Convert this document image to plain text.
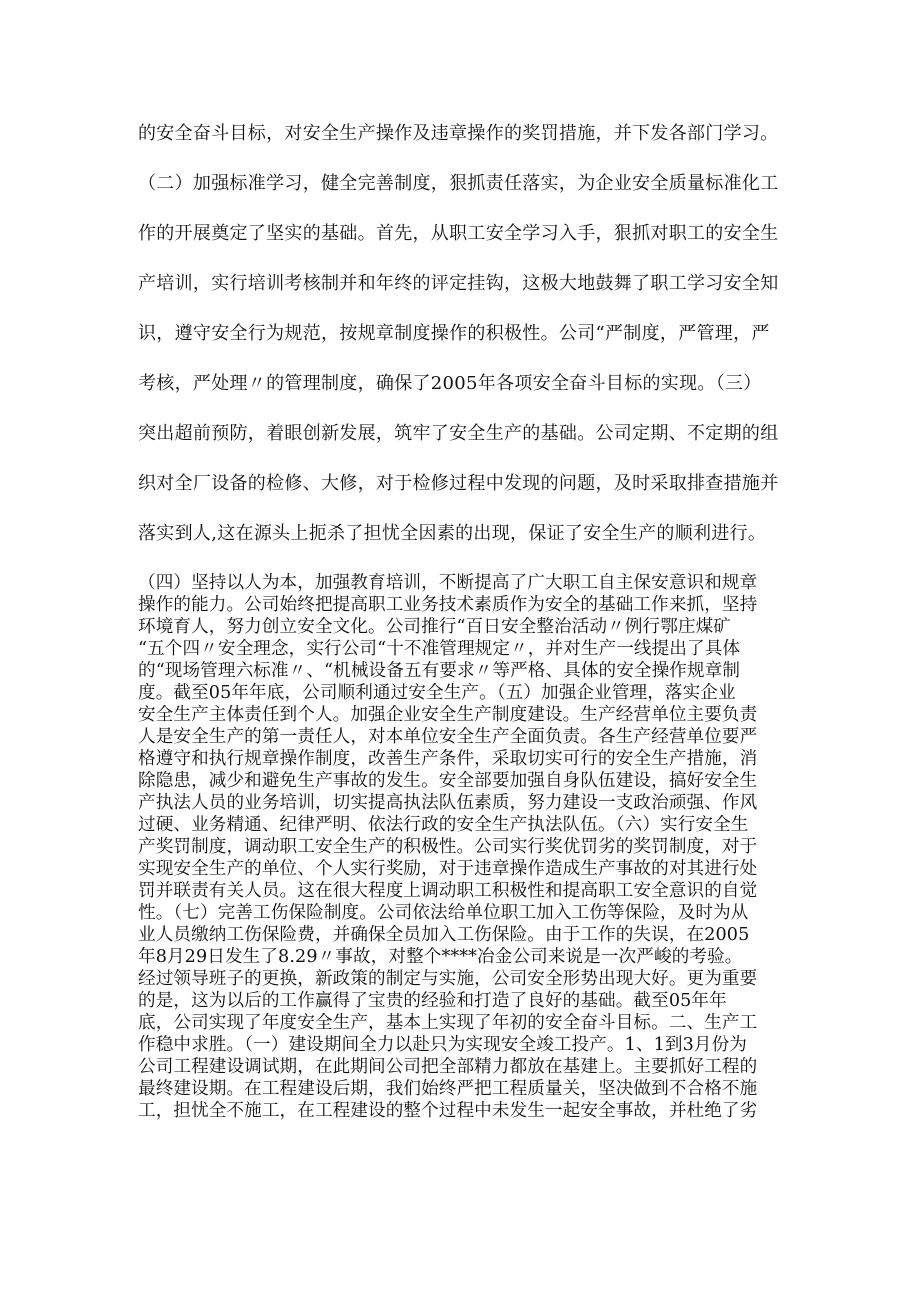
的安全奋斗目标，对安全生产操作及违章操作的奖罚措施，并下发各部门学习。
（二）加强标准学习，健全完善制度，狠抓责任落实，为企业安全质量标准化工
作的开展奠定了坚实的基础。首先，从职工安全学习入手，狠抓对职工的安全生
产培训，实行培训考核制并和年终的评定挂钩，这极大地鼓舞了职工学习安全知
识，遵守安全行为规范，按规章制度操作的积极性。公司“严制度，严管理，严
考核，严处理〃的管理制度，确保了2005年各项安全奋斗目标的实现。（三）
突出超前预防，着眼创新发展，筑牢了安全生产的基础。公司定期、不定期的组
织对全厂设备的检修、大修，对于检修过程中发现的问题，及时采取排查措施并
落实到人,这在源头上扼杀了担忧全因素的出现，保证了安全生产的顺利进行。
（四）坚持以人为本，加强教育培训，不断提高了广大职工自主保安意识和规章
操作的能力。公司始终把提高职工业务技术素质作为安全的基础工作来抓，坚持
环境育人，努力创立安全文化。公司推行“百日安全整治活动〃例行鄂庄煤矿
“五个四〃安全理念，实行公司“十不准管理规定〃，并对生产一线提出了具体
的“现场管理六标准〃、“机械设备五有要求〃等严格、具体的安全操作规章制
度。截至05年年底，公司顺利通过安全生产。（五）加强企业管理，落实企业
安全生产主体责任到个人。加强企业安全生产制度建设。生产经营单位主要负责
人是安全生产的第一责任人，对本单位安全生产全面负责。各生产经营单位要严
格遵守和执行规章操作制度，改善生产条件，采取切实可行的安全生产措施，消
除隐患，减少和避免生产事故的发生。安全部要加强自身队伍建设，搞好安全生
产执法人员的业务培训，切实提高执法队伍素质，努力建设一支政治顽强、作风
过硬、业务精通、纪律严明、依法行政的安全生产执法队伍。（六）实行安全生
产奖罚制度，调动职工安全生产的积极性。公司实行奖优罚劣的奖罚制度，对于
实现安全生产的单位、个人实行奖励，对于违章操作造成生产事故的对其进行处
罚并联责有关人员。这在很大程度上调动职工积极性和提高职工安全意识的自觉
性。（七）完善工伤保险制度。公司依法给单位职工加入工伤等保险，及时为从
业人员缴纳工伤保险费，并确保全员加入工伤保险。由于工作的失误，在2005
年8月29日发生了8.29〃事故，对整个****冶金公司来说是一次严峻的考验。
经过领导班子的更换，新政策的制定与实施，公司安全形势出现大好。更为重要
的是，这为以后的工作赢得了宝贵的经验和打造了良好的基础。截至05年年
底，公司实现了年度安全生产，基本上实现了年初的安全奋斗目标。二、生产工
作稳中求胜。（一）建设期间全力以赴只为实现安全竣工投产。1、1到3月份为
公司工程建设调试期，在此期间公司把全部精力都放在基建上。主要抓好工程的
最终建设期。在工程建设后期，我们始终严把工程质量关，坚决做到不合格不施
工，担忧全不施工，在工程建设的整个过程中未发生一起安全事故，并杜绝了劣
